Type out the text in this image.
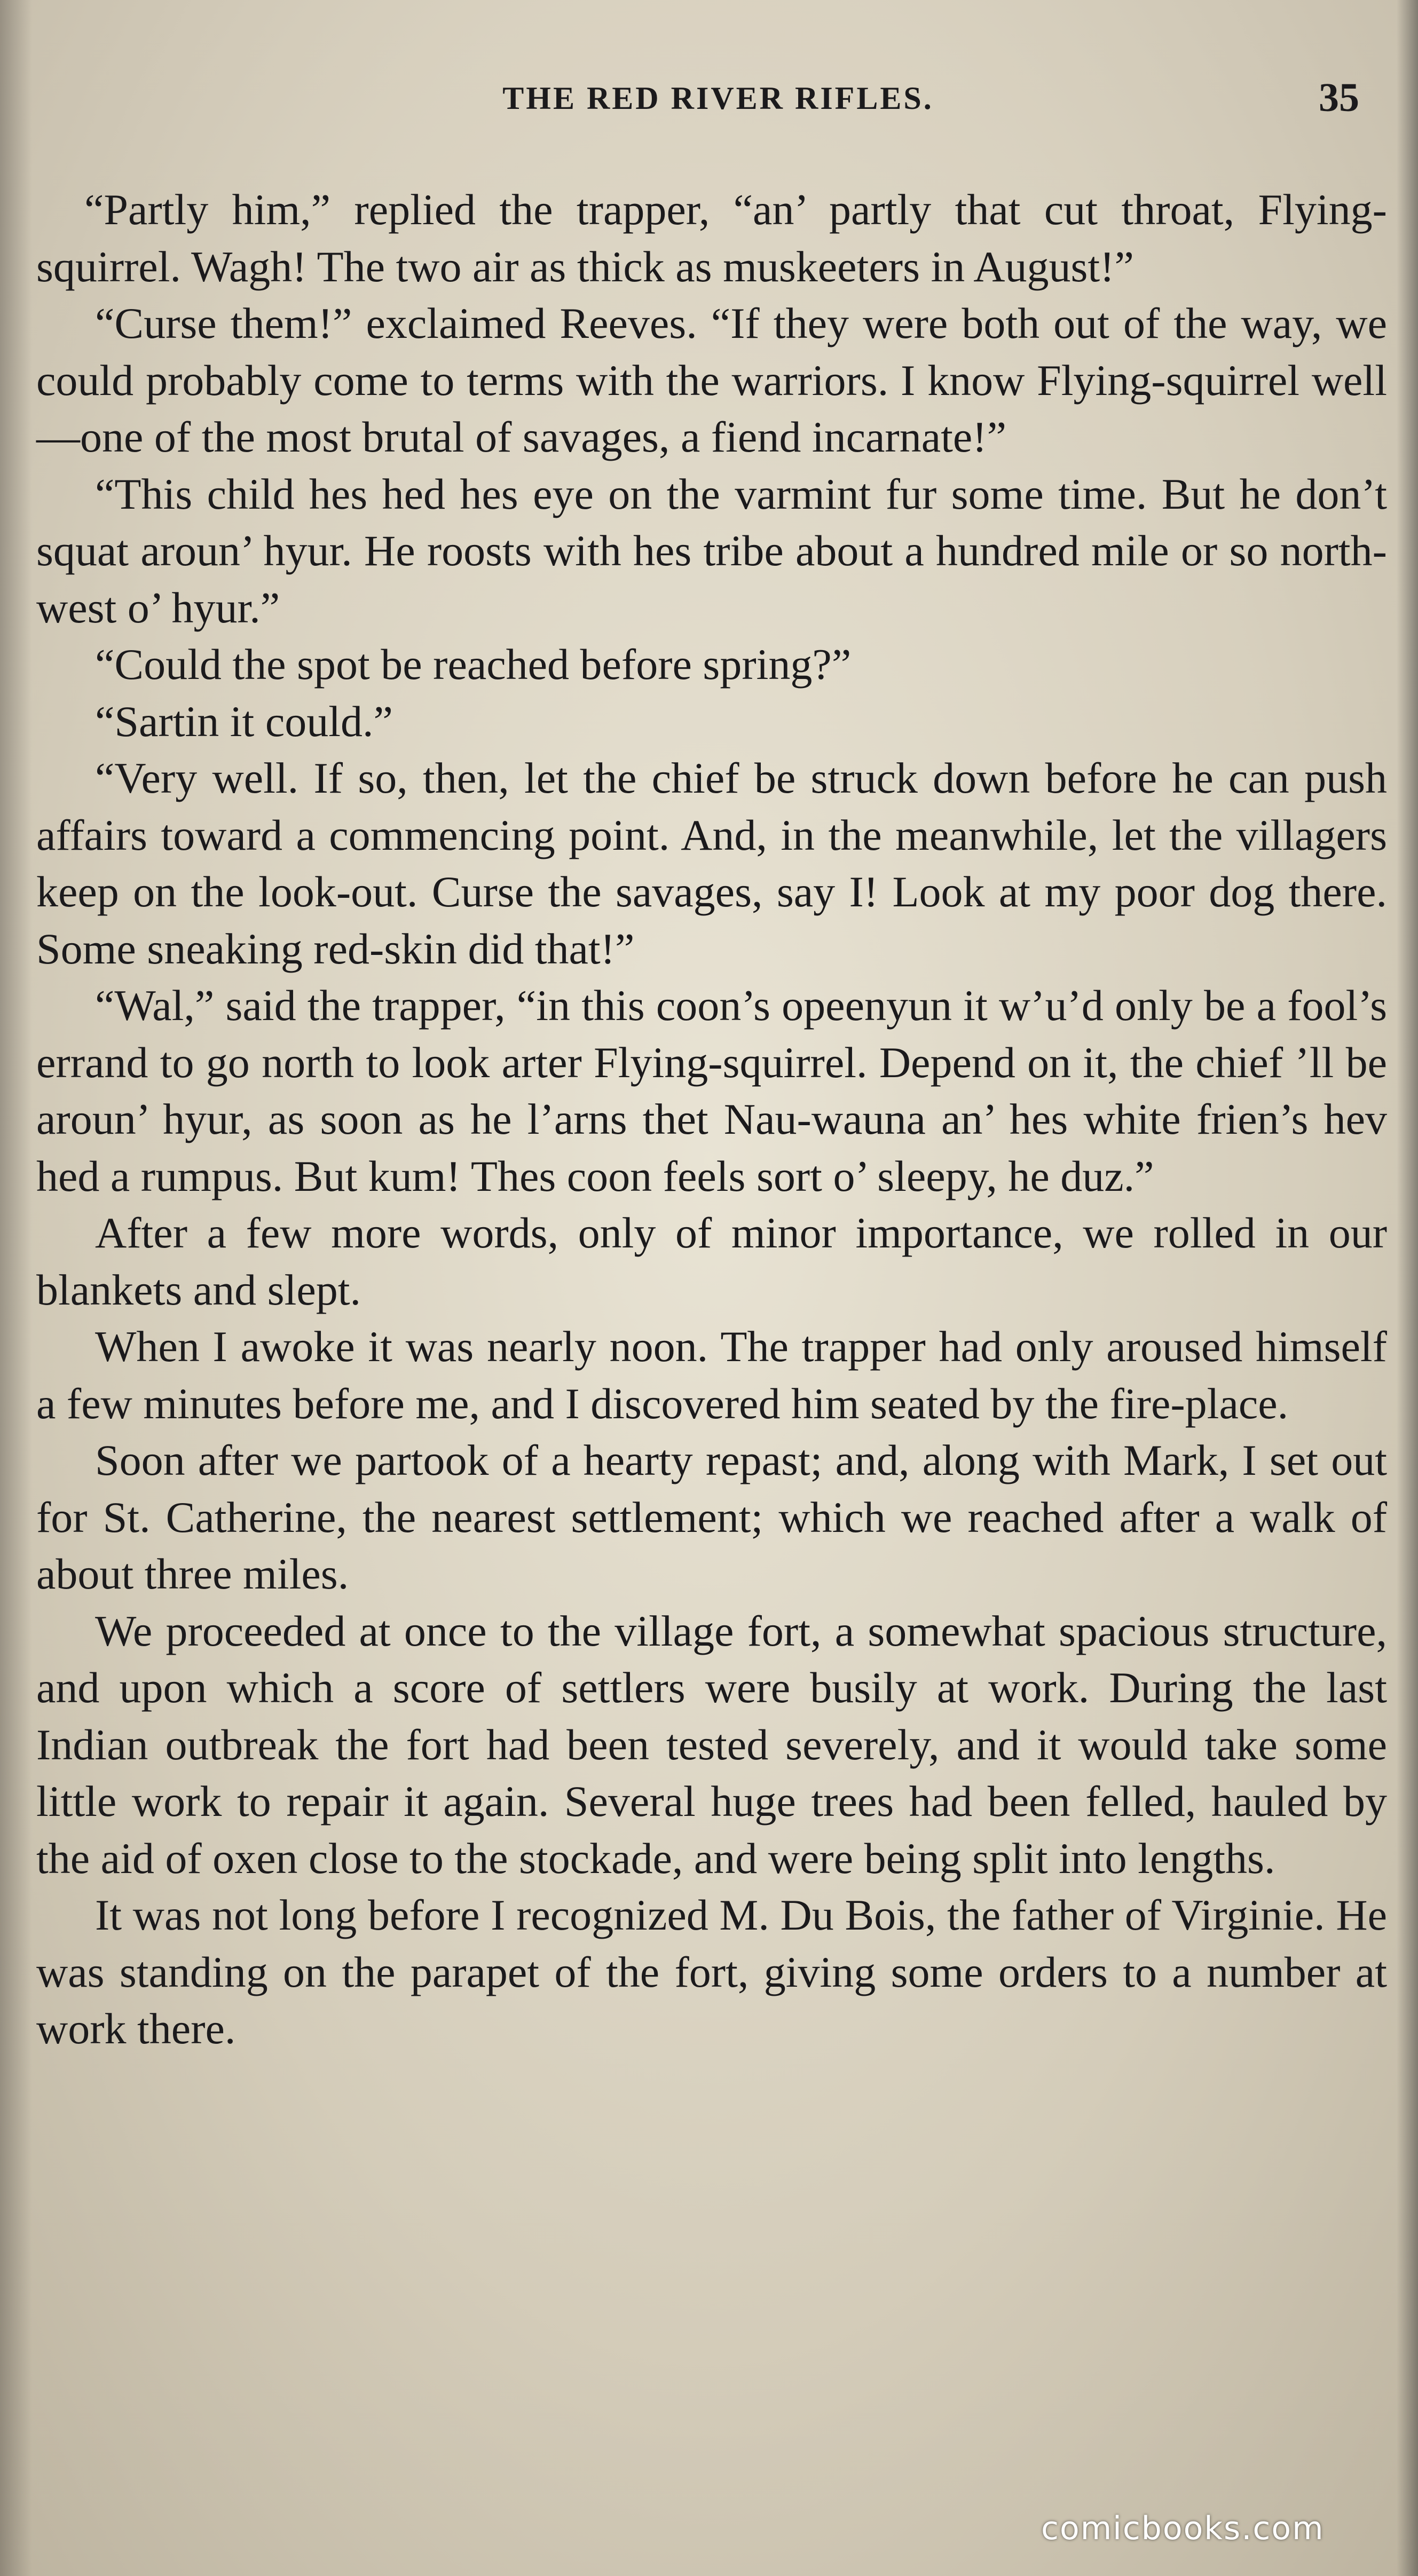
THE RED RIVER RIFLES.	35

“Partly him,” replied the trapper, “an’ partly that cut throat, Flying-squirrel. Wagh! The two air as thick as muskeeters in August!”

“Curse them!” exclaimed Reeves. “If they were both out of the way, we could probably come to terms with the warriors. I know Flying-squirrel well—one of the most brutal of savages, a fiend incarnate!”

“This child hes hed hes eye on the varmint fur some time. But he don’t squat aroun’ hyur. He roosts with hes tribe about a hundred mile or so north-west o’ hyur.”

“Could the spot be reached before spring?”

“Sartin it could.”

“Very well. If so, then, let the chief be struck down before he can push affairs toward a commencing point. And, in the meanwhile, let the villagers keep on the look-out. Curse the savages, say I! Look at my poor dog there. Some sneaking red-skin did that!”

“Wal,” said the trapper, “in this coon’s opeenyun it w’u’d only be a fool’s errand to go north to look arter Flying-squirrel. Depend on it, the chief ’ll be aroun’ hyur, as soon as he l’arns thet Nau-wauna an’ hes white frien’s hev hed a rumpus. But kum! Thes coon feels sort o’ sleepy, he duz.”

After a few more words, only of minor importance, we rolled in our blankets and slept.

When I awoke it was nearly noon. The trapper had only aroused himself a few minutes before me, and I discovered him seated by the fire-place.

Soon after we partook of a hearty repast; and, along with Mark, I set out for St. Catherine, the nearest settlement; which we reached after a walk of about three miles.

We proceeded at once to the village fort, a somewhat spacious structure, and upon which a score of settlers were busily at work. During the last Indian outbreak the fort had been tested severely, and it would take some little work to repair it again. Several huge trees had been felled, hauled by the aid of oxen close to the stockade, and were being split into lengths.

It was not long before I recognized M. Du Bois, the father of Virginie. He was standing on the parapet of the fort, giving some orders to a number at work there.

comicbooks.com
